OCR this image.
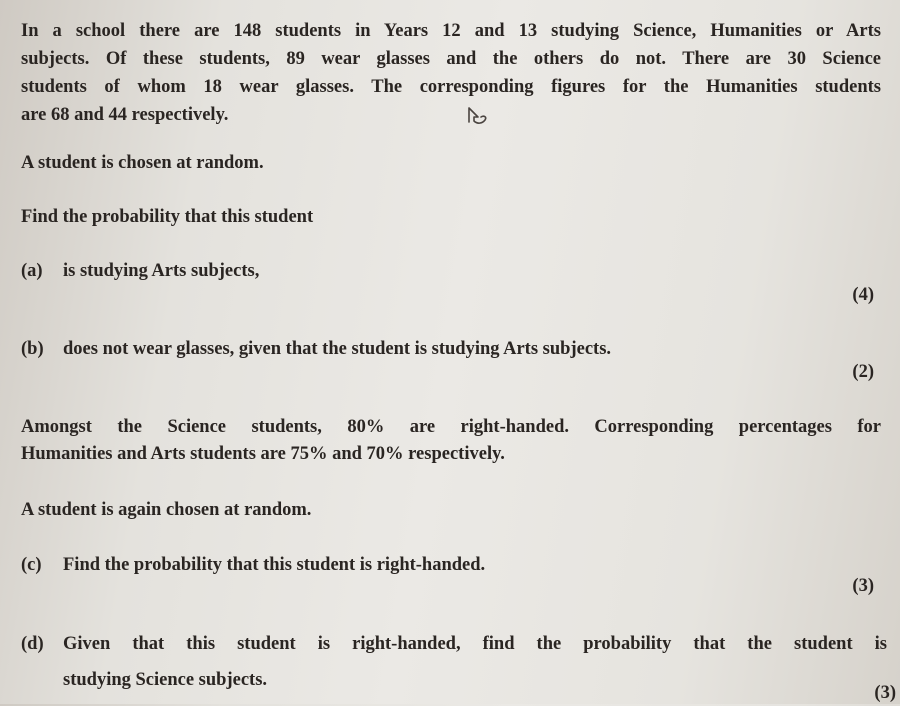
In a school there are 148 students in Years 12 and 13 studying Science, Humanities or Arts

subjects. Of these students, 89 wear glasses and the others do not. There are 30 Science

students of whom 18 wear glasses. The corresponding figures for the Humanities students

are 68 and 44 respectively.

A student is chosen at random.

Find the probability that this student

(a) is studying Arts subjects,

(4)

(b) does not wear glasses, given that the student is studying Arts subjects.

(2)

Amongst the Science students, 80% are right-handed. Corresponding percentages for

Humanities and Arts students are 75% and 70% respectively.

A student is again chosen at random.

(c) Find the probability that this student is right-handed.

(3)

(d) Given that this student is right-handed, find the probability that the student is

studying Science subjects.

(3)
